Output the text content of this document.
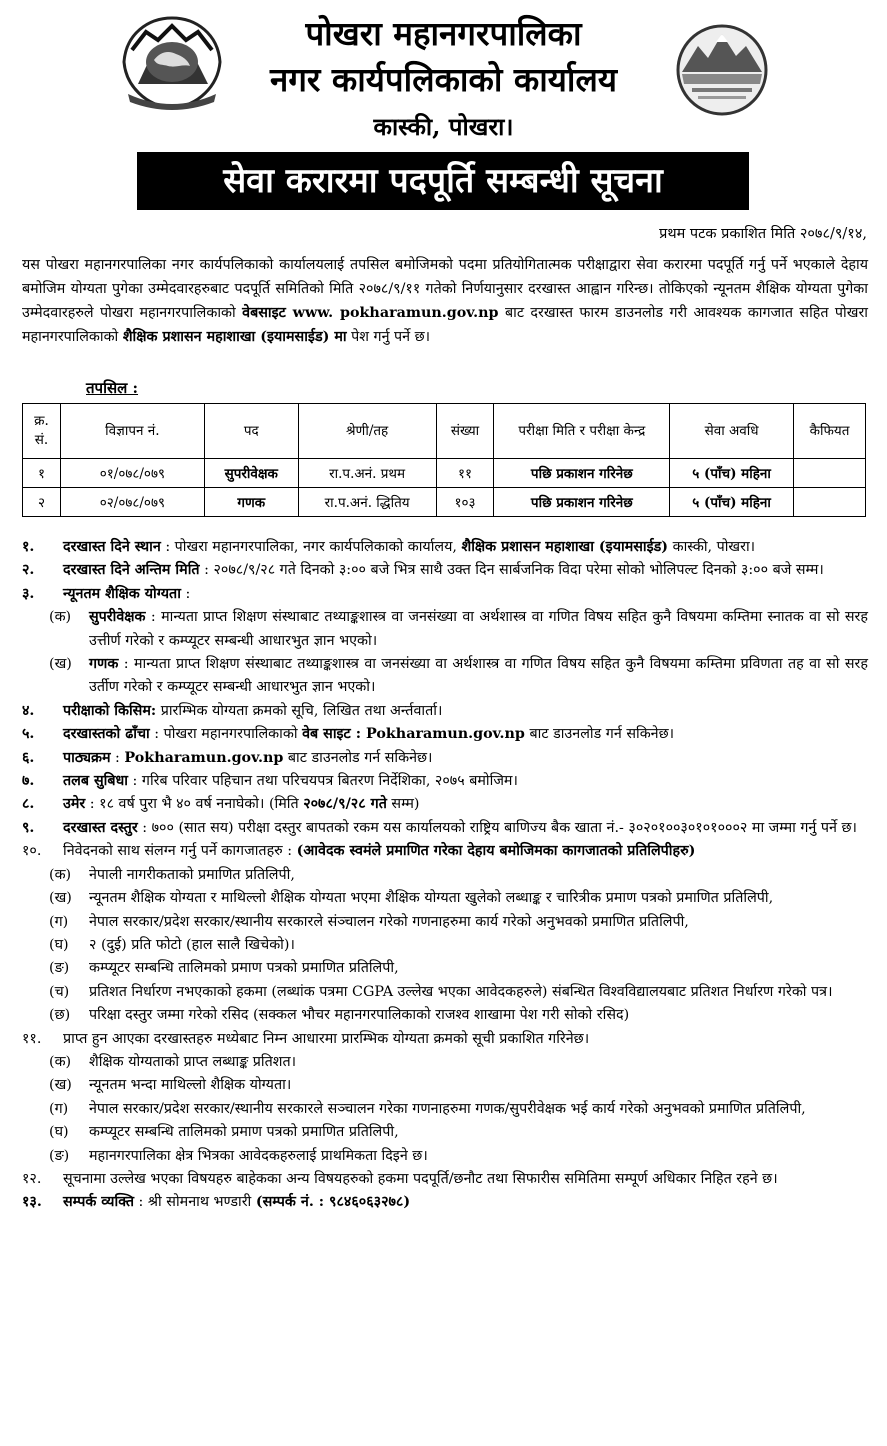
पोखरा महानगरपालिका
नगर कार्यपलिकाको कार्यालय
कास्की, पोखरा।
सेवा करारमा पदपूर्ति सम्बन्धी सूचना
प्रथम पटक प्रकाशित मिति २०७८/९/१४,
यस पोखरा महानगरपालिका नगर कार्यपलिकाको कार्यालयलाई तपसिल बमोजिमको पदमा प्रतियोगितात्मक परीक्षाद्वारा सेवा करारमा पदपूर्ति गर्नु पर्ने भएकाले देहाय बमोजिम योग्यता पुगेका उम्मेदवारहरुबाट पदपूर्ति समितिको मिति २०७८/९/११ गतेको निर्णयानुसार दरखास्त आह्वान गरिन्छ। तोकिएको न्यूनतम शैक्षिक योग्यता पुगेका उम्मेदवारहरुले पोखरा महानगरपालिकाको वेबसाइट www. pokharamun.gov.np बाट दरखास्त फारम डाउनलोड गरी आवश्यक कागजात सहित पोखरा महानगरपालिकाको शैक्षिक प्रशासन महाशाखा (इयामसाईड) मा पेश गर्नु पर्ने छ।
तपसिल :
क्र. सं.	विज्ञापन नं.	पद	श्रेणी/तह	संख्या	परीक्षा मिति र परीक्षा केन्द्र	सेवा अवधि	कैफियत
१	०१/०७८/०७९	सुपरीवेक्षक	रा.प.अनं. प्रथम	११	पछि प्रकाशन गरिनेछ	५ (पाँच) महिना	
२	०२/०७८/०७९	गणक	रा.प.अनं. द्धितिय	१०३	पछि प्रकाशन गरिनेछ	५ (पाँच) महिना	
१.	दरखास्त दिने स्थान : पोखरा महानगरपालिका, नगर कार्यपलिकाको कार्यालय, शैक्षिक प्रशासन महाशाखा (इयामसाईड) कास्की, पोखरा।
२.	दरखास्त दिने अन्तिम मिति : २०७८/९/२८ गते दिनको ३:०० बजे भित्र साथै उक्त दिन सार्बजनिक विदा परेमा सोको भोलिपल्ट दिनको ३:०० बजे सम्म।
३.	न्यूनतम शैक्षिक योग्यता :
(क)	सुपरीवेक्षक : मान्यता प्राप्त शिक्षण संस्थाबाट तथ्याङ्कशास्त्र वा जनसंख्या वा अर्थशास्त्र वा गणित विषय सहित कुनै विषयमा कम्तिमा स्नातक वा सो सरह उत्तीर्ण गरेको र कम्प्यूटर सम्बन्धी आधारभुत ज्ञान भएको।
(ख)	गणक : मान्यता प्राप्त शिक्षण संस्थाबाट तथ्याङ्कशास्त्र वा जनसंख्या वा अर्थशास्त्र वा गणित विषय सहित कुनै विषयमा कम्तिमा प्रविणता तह वा सो सरह उर्तीण गरेको र कम्प्यूटर सम्बन्धी आधारभुत ज्ञान भएको।
४.	परीक्षाको किसिम: प्रारम्भिक योग्यता क्रमको सूचि, लिखित तथा अर्न्तवार्ता।
५.	दरखास्तको ढाँचा : पोखरा महानगरपालिकाको वेब साइट : Pokharamun.gov.np बाट डाउनलोड गर्न सकिनेछ।
६.	पाठ्यक्रम : Pokharamun.gov.np बाट डाउनलोड गर्न सकिनेछ।
७.	तलब सुबिधा : गरिब परिवार पहिचान तथा परिचयपत्र बितरण निर्देशिका, २०७५ बमोजिम।
८.	उमेर : १८ वर्ष पुरा भै ४० वर्ष ननाघेको। (मिति २०७८/९/२८ गते सम्म)
९.	दरखास्त दस्तुर : ७०० (सात सय) परीक्षा दस्तुर बापतको रकम यस कार्यालयको राष्ट्रिय बाणिज्य बैक खाता नं.- ३०२०१००३०१०१०००२ मा जम्मा गर्नु पर्ने छ।
१०.	निवेदनको साथ संलग्न गर्नु पर्ने कागजातहरु : (आवेदक स्वमंले प्रमाणित गरेका देहाय बमोजिमका कागजातको प्रतिलिपीहरु)
(क)	नेपाली नागरीकताको प्रमाणित प्रतिलिपी,
(ख)	न्यूनतम शैक्षिक योग्यता र माथिल्लो शैक्षिक योग्यता भएमा शैक्षिक योग्यता खुलेको लब्धाङ्क र चारित्रीक प्रमाण पत्रको प्रमाणित प्रतिलिपी,
(ग)	नेपाल सरकार/प्रदेश सरकार/स्थानीय सरकारले संञ्चालन गरेको गणनाहरुमा कार्य गरेको अनुभवको प्रमाणित प्रतिलिपी,
(घ)	२ (दुई) प्रति फोटो (हाल सालै खिचेको)।
(ङ)	कम्प्यूटर सम्बन्धि तालिमको प्रमाण पत्रको प्रमाणित प्रतिलिपी,
(च)	प्रतिशत निर्धारण नभएकाको हकमा (लब्धांक पत्रमा CGPA उल्लेख भएका आवेदकहरुले) संबन्धित विश्वविद्यालयबाट प्रतिशत निर्धारण गरेको पत्र।
(छ)	परिक्षा दस्तुर जम्मा गरेको रसिद (सक्कल भौचर महानगरपालिकाको राजश्व शाखामा पेश गरी सोको रसिद)
११.	प्राप्त हुन आएका दरखास्तहरु मध्येबाट निम्न आधारमा प्रारम्भिक योग्यता क्रमको सूची प्रकाशित गरिनेछ।
(क)	शैक्षिक योग्यताको प्राप्त लब्धाङ्क प्रतिशत।
(ख)	न्यूनतम भन्दा माथिल्लो शैक्षिक योग्यता।
(ग)	नेपाल सरकार/प्रदेश सरकार/स्थानीय सरकारले सञ्चालन गरेका गणनाहरुमा गणक/सुपरीवेक्षक भई कार्य गरेको अनुभवको प्रमाणित प्रतिलिपी,
(घ)	कम्प्यूटर सम्बन्धि तालिमको प्रमाण पत्रको प्रमाणित प्रतिलिपी,
(ङ)	महानगरपालिका क्षेत्र भित्रका आवेदकहरुलाई प्राथमिकता दिइने छ।
१२.	सूचनामा उल्लेख भएका विषयहरु बाहेकका अन्य विषयहरुको हकमा पदपूर्ति/छनौट तथा सिफारीस समितिमा सम्पूर्ण अधिकार निहित रहने छ।
१३.	सम्पर्क व्यक्ति : श्री सोमनाथ भण्डारी (सम्पर्क नं. : ९८४६०६३२७८)
